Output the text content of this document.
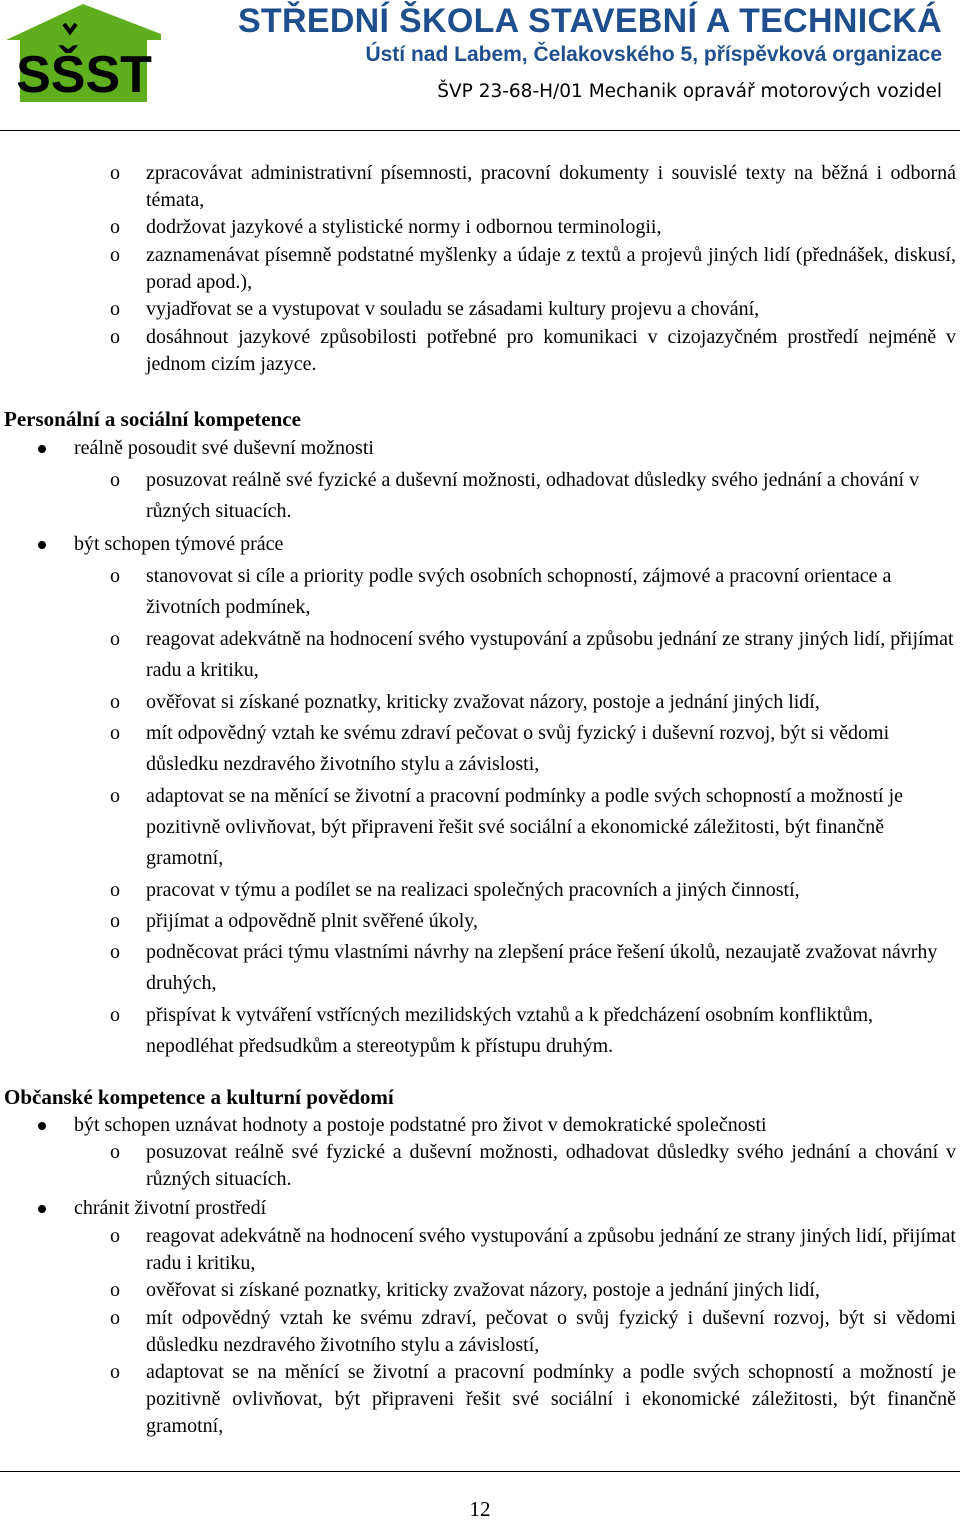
SŠST
STŘEDNÍ ŠKOLA STAVEBNÍ A TECHNICKÁ
Ústí nad Labem, Čelakovského 5, příspěvková organizace
ŠVP 23-68-H/01 Mechanik opravář motorových vozidel
o zpracovávat administrativní písemnosti, pracovní dokumenty i souvislé texty na běžná i odborná témata,
o dodržovat jazykové a stylistické normy i odbornou terminologii,
o zaznamenávat písemně podstatné myšlenky a údaje z textů a projevů jiných lidí (přednášek, diskusí, porad apod.),
o vyjadřovat se a vystupovat v souladu se zásadami kultury projevu a chování,
o dosáhnout jazykové způsobilosti potřebné pro komunikaci v cizojazyčném prostředí nejméně v jednom cizím jazyce.
Personální a sociální kompetence
reálně posoudit své duševní možnosti
o posuzovat reálně své fyzické a duševní možnosti, odhadovat důsledky svého jednání a chování v různých situacích.
být schopen týmové práce
o stanovovat si cíle a priority podle svých osobních schopností, zájmové a pracovní orientace a životních podmínek,
o reagovat adekvátně na hodnocení svého vystupování a způsobu jednání ze strany jiných lidí, přijímat radu a kritiku,
o ověřovat si získané poznatky, kriticky zvažovat názory, postoje a jednání jiných lidí,
o mít odpovědný vztah ke svému zdraví pečovat o svůj fyzický i duševní rozvoj, být si vědomi důsledku nezdravého životního stylu a závislosti,
o adaptovat se na měnící se životní a pracovní podmínky a podle svých schopností a možností je pozitivně ovlivňovat, být připraveni řešit své sociální a ekonomické záležitosti, být finančně gramotní,
o pracovat v týmu a podílet se na realizaci společných pracovních a jiných činností,
o přijímat a odpovědně plnit svěřené úkoly,
o podněcovat práci týmu vlastními návrhy na zlepšení práce řešení úkolů, nezaujatě zvažovat návrhy druhých,
o přispívat k vytváření vstřícných mezilidských vztahů a k předcházení osobním konfliktům, nepodléhat předsudkům a stereotypům k přístupu druhým.
Občanské kompetence a kulturní povědomí
být schopen uznávat hodnoty a postoje podstatné pro život v demokratické společnosti
o posuzovat reálně své fyzické a duševní možnosti, odhadovat důsledky svého jednání a chování v různých situacích.
chránit životní prostředí
o reagovat adekvátně na hodnocení svého vystupování a způsobu jednání ze strany jiných lidí, přijímat radu i kritiku,
o ověřovat si získané poznatky, kriticky zvažovat názory, postoje a jednání jiných lidí,
o mít odpovědný vztah ke svému zdraví, pečovat o svůj fyzický i duševní rozvoj, být si vědomi důsledku nezdravého životního stylu a závislostí,
o adaptovat se na měnící se životní a pracovní podmínky a podle svých schopností a možností je pozitivně ovlivňovat, být připraveni řešit své sociální i ekonomické záležitosti, být finančně gramotní,
12
